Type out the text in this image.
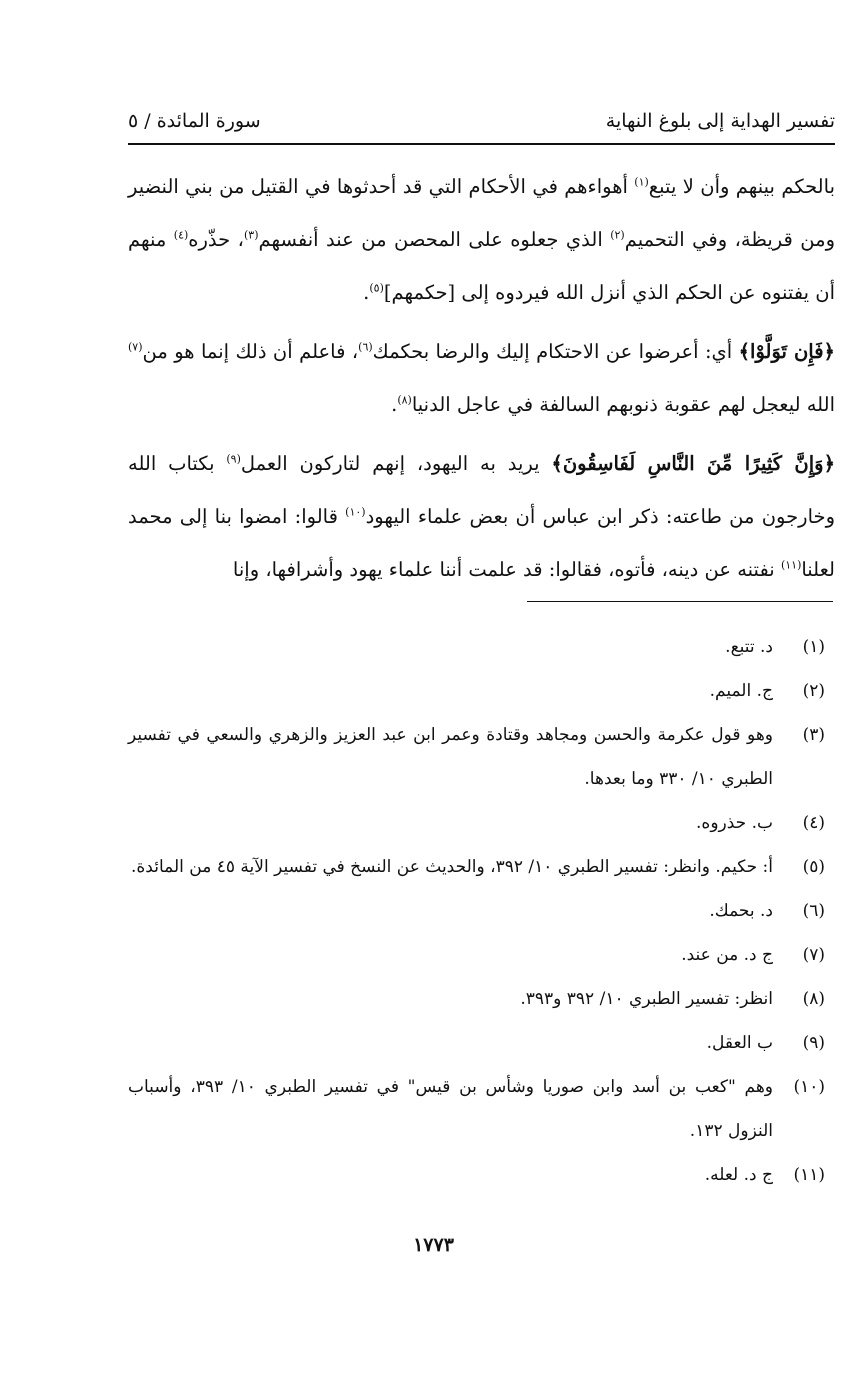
تفسير الهداية إلى بلوغ النهاية
سورة المائدة / ٥

بالحكم بينهم وأن لا يتبع$^{(١)}$ أهواءهم في الأحكام التي قد أحدثوها في القتيل من بني النضير ومن قريظة، وفي التحميم$^{(٢)}$ الذي جعلوه على المحصن من عند أنفسهم$^{(٣)}$، حذّره$^{(٤)}$ منهم أن يفتنوه عن الحكم الذي أنزل الله فيردوه إلى [حكمهم]$^{(٥)}$.

﴿فَإِن تَوَلَّوْا﴾ أي: أعرضوا عن الاحتكام إليك والرضا بحكمك$^{(٦)}$، فاعلم أن ذلك إنما هو من$^{(٧)}$ الله ليعجل لهم عقوبة ذنوبهم السالفة في عاجل الدنيا$^{(٨)}$.

﴿وَإِنَّ كَثِيرًا مِّنَ النَّاسِ لَفَاسِقُونَ﴾ يريد به اليهود، إنهم لتاركون العمل$^{(٩)}$ بكتاب الله وخارجون من طاعته: ذكر ابن عباس أن بعض علماء اليهود$^{(١٠)}$ قالوا: امضوا بنا إلى محمد لعلنا$^{(١١)}$ نفتنه عن دينه، فأتوه، فقالوا: قد علمت أننا علماء يهود وأشرافها، وإنا

(١)
د. تتبع.
(٢)
ج. الميم.
(٣)
وهو قول عكرمة والحسن ومجاهد وقتادة وعمر ابن عبد العزيز والزهري والسعي في تفسير الطبري ١٠/ ٣٣٠ وما بعدها.
(٤)
ب. حذروه.
(٥)
أ: حكيم. وانظر: تفسير الطبري ١٠/ ٣٩٢، والحديث عن النسخ في تفسير الآية ٤٥ من المائدة.
(٦)
د. بحمك.
(٧)
ج د. من عند.
(٨)
انظر: تفسير الطبري ١٠/ ٣٩٢ و٣٩٣.
(٩)
ب العقل.
(١٠)
وهم "كعب بن أسد وابن صوريا وشأس بن قيس" في تفسير الطبري ١٠/ ٣٩٣، وأسباب النزول ١٣٢.
(١١)
ج د. لعله.
١٧٧٣
